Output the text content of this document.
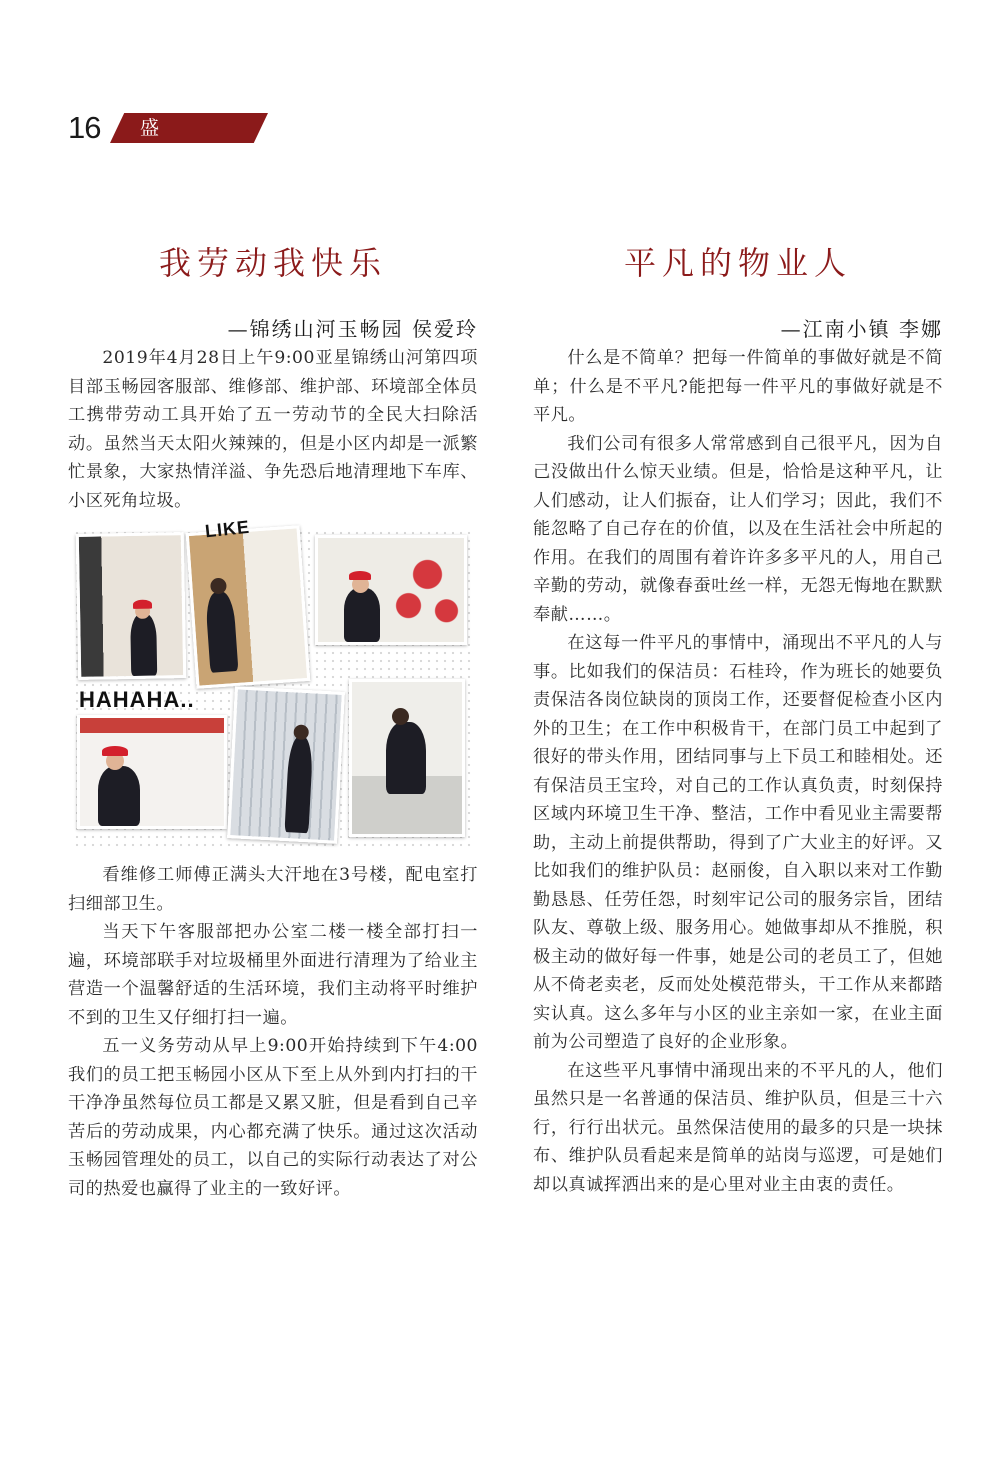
16 盛世物业
我劳动我快乐
—锦绣山河玉畅园 侯爱玲

2019年4月28日上午9:00亚星锦绣山河第四项目部玉畅园客服部、维修部、维护部、环境部全体员工携带劳动工具开始了五一劳动节的全民大扫除活动。虽然当天太阳火辣辣的，但是小区内却是一派繁忙景象，大家热情洋溢、争先恐后地清理地下车库、小区死角垃圾。

LIKE
HAHAHA..

看维修工师傅正满头大汗地在3号楼，配电室打扫细部卫生。

当天下午客服部把办公室二楼一楼全部打扫一遍，环境部联手对垃圾桶里外面进行清理为了给业主营造一个温馨舒适的生活环境，我们主动将平时维护不到的卫生又仔细打扫一遍。

五一义务劳动从早上9:00开始持续到下午4:00我们的员工把玉畅园小区从下至上从外到内打扫的干干净净虽然每位员工都是又累又脏，但是看到自己辛苦后的劳动成果，内心都充满了快乐。通过这次活动玉畅园管理处的员工，以自己的实际行动表达了对公司的热爱也赢得了业主的一致好评。

平凡的物业人
—江南小镇 李娜

什么是不简单？把每一件简单的事做好就是不简单；什么是不平凡?能把每一件平凡的事做好就是不平凡。

我们公司有很多人常常感到自己很平凡，因为自己没做出什么惊天业绩。但是，恰恰是这种平凡，让人们感动，让人们振奋，让人们学习；因此，我们不能忽略了自己存在的价值，以及在生活社会中所起的作用。在我们的周围有着许许多多平凡的人，用自己辛勤的劳动，就像春蚕吐丝一样，无怨无悔地在默默奉献……。

在这每一件平凡的事情中，涌现出不平凡的人与事。比如我们的保洁员：石桂玲，作为班长的她要负责保洁各岗位缺岗的顶岗工作，还要督促检查小区内外的卫生；在工作中积极肯干，在部门员工中起到了很好的带头作用，团结同事与上下员工和睦相处。还有保洁员王宝玲，对自己的工作认真负责，时刻保持区域内环境卫生干净、整洁，工作中看见业主需要帮助，主动上前提供帮助，得到了广大业主的好评。又比如我们的维护队员：赵丽俊，自入职以来对工作勤勤恳恳、任劳任怨，时刻牢记公司的服务宗旨，团结队友、尊敬上级、服务用心。她做事却从不推脱，积极主动的做好每一件事，她是公司的老员工了，但她从不倚老卖老，反而处处模范带头，干工作从来都踏实认真。这么多年与小区的业主亲如一家，在业主面前为公司塑造了良好的企业形象。

在这些平凡事情中涌现出来的不平凡的人，他们虽然只是一名普通的保洁员、维护队员，但是三十六行，行行出状元。虽然保洁使用的最多的只是一块抹布、维护队员看起来是简单的站岗与巡逻，可是她们却以真诚挥洒出来的是心里对业主由衷的责任。
